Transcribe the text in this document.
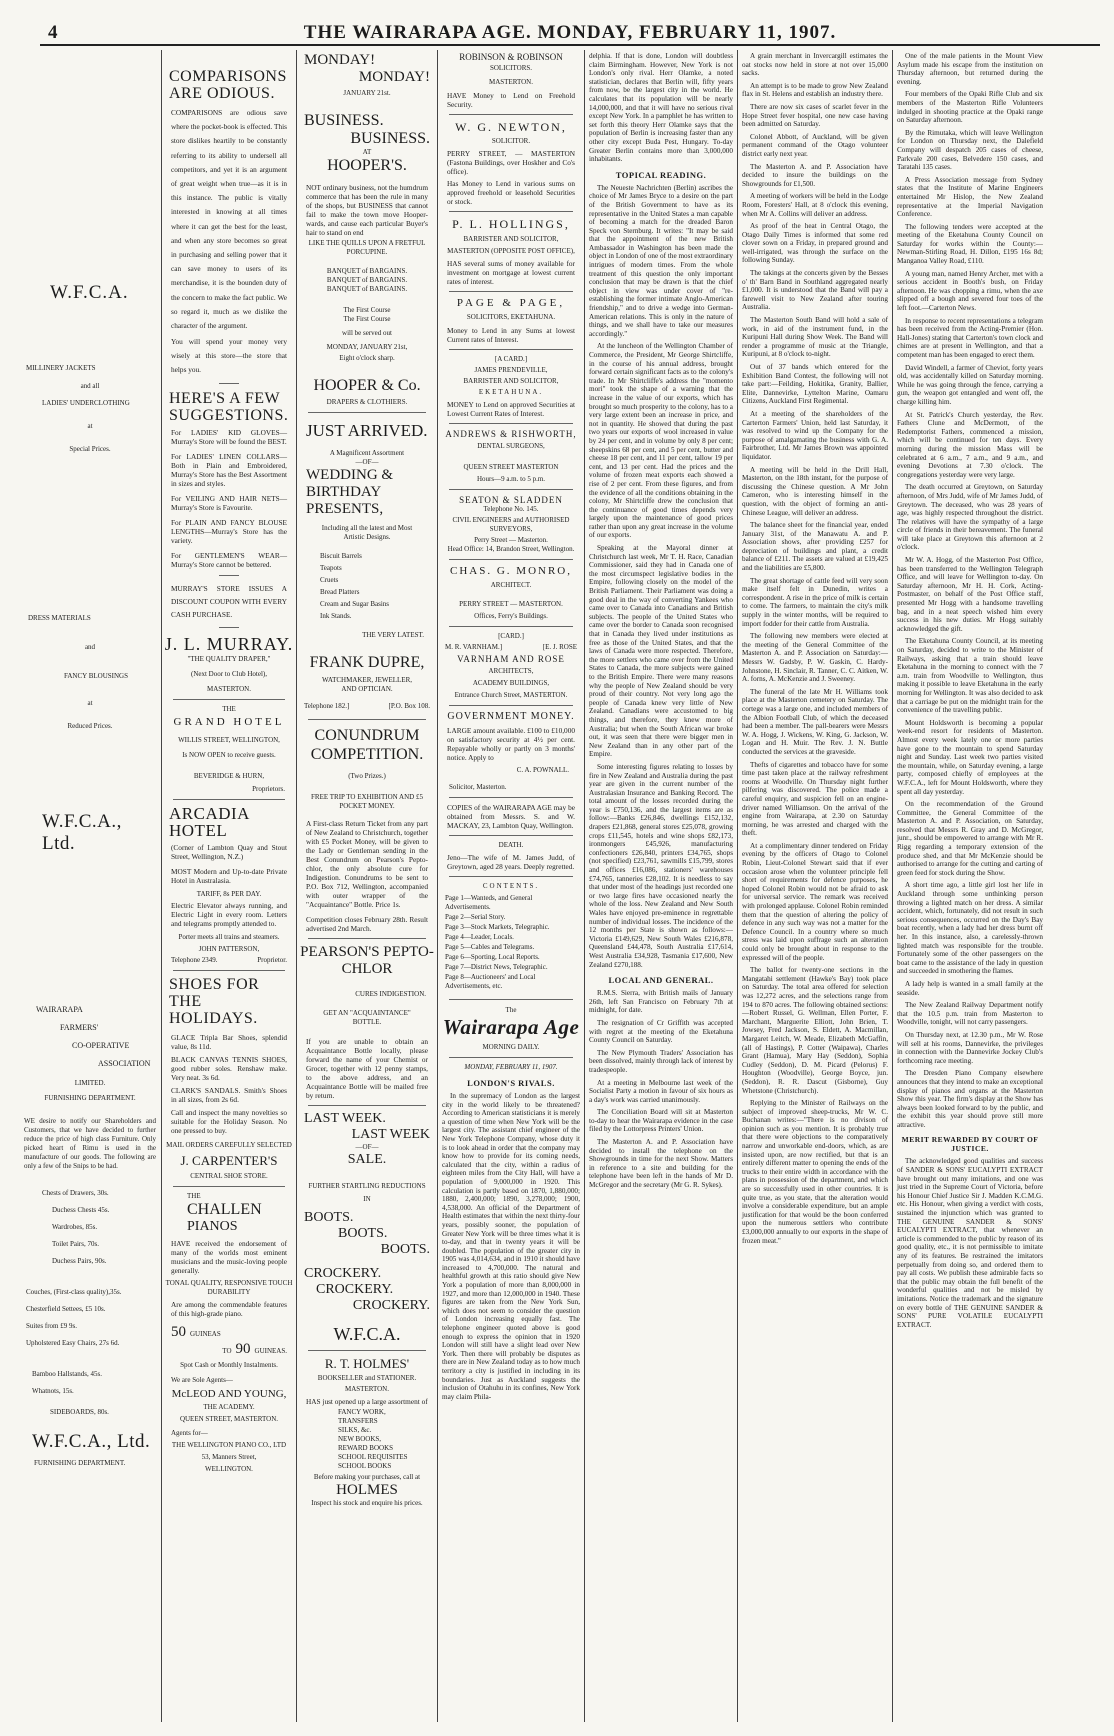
4	THE WAIRARAPA AGE. MONDAY, FEBRUARY 11, 1907.
W.F.C.A.
MILLINERY JACKETS
and all
LADIES' UNDERCLOTHING
at
Special Prices.
DRESS MATERIALS
and
FANCY BLOUSINGS
at
Reduced Prices.
W.F.C.A., Ltd.
WAIRARAPA
FARMERS'
CO-OPERATIVE
ASSOCIATION
LIMITED.
FURNISHING DEPARTMENT.
WE desire to notify our Shareholders and Customers, that we have decided to further reduce the price of high class Furniture. Only picked heart of Rimu is used in the manufacture of our goods. The following are only a few of the Snips to be had.
Chests of Drawers, 30s.
Duchess Chests 45s.
Wardrobes, 85s.
Toilet Pairs, 70s.
Duchess Pairs, 90s.
Couches, (First-class quality),35s.
Chesterfield Settees, £5 10s.
Suites from £9 9s.
Upholstered Easy Chairs, 27s 6d.
Bamboo Hallstands, 45s.
Whatnots, 15s.
SIDEBOARDS, 80s.
W.F.C.A., Ltd.
FURNISHING DEPARTMENT.
COMPARISONS ARE ODIOUS.
COMPARISONS are odious save where the pocket-book is effected. This store dislikes heartily to be constantly referring to its ability to undersell all competitors, and yet it is an argument of great weight when true—as it is in this instance. The public is vitally interested in knowing at all times where it can get the best for the least, and when any store becomes so great in purchasing and selling power that it can save money to users of its merchandise, it is the bounden duty of the concern to make the fact public. We so regard it, much as we dislike the character of the argument.
You will spend your money very wisely at this store—the store that helps you.
HERE'S A FEW SUGGESTIONS.
For LADIES' KID GLOVES—Murray's Store will be found the BEST.
For LADIES' LINEN COLLARS—Both in Plain and Embroidered, Murray's Store has the Best Assortment in sizes and styles.
For VEILING AND HAIR NETS—Murray's Store is Favourite.
For PLAIN AND FANCY BLOUSE LENGTHS—Murray's Store has the variety.
For GENTLEMEN'S WEAR—Murray's Store cannot be bettered.
MURRAY'S STORE ISSUES A DISCOUNT COUPON WITH EVERY CASH PURCHASE.
J. L. MURRAY.
"THE QUALITY DRAPER,"
(Next Door to Club Hotel),
MASTERTON.
THE
GRAND HOTEL
WILLIS STREET, WELLINGTON,
Is NOW OPEN to receive guests.
BEVERIDGE & HURN,
Proprietors.
ARCADIA HOTEL
(Corner of Lambton Quay and Stout Street, Wellington, N.Z.)
MOST Modern and Up-to-date Private Hotel in Australasia.
TARIFF, 8s PER DAY.
Electric Elevator always running, and Electric Light in every room. Letters and telegrams promptly attended to.
Porter meets all trains and steamers.
JOHN PATTERSON,
Telephone 2349.	Proprietor.
SHOES FOR THE HOLIDAYS.
GLACE Tripla Bar Shoes, splendid value, 8s 11d.
BLACK CANVAS TENNIS SHOES, good rubber soles. Renshaw make. Very neat. 3s 6d.
CLARK'S SANDALS. Smith's Shoes in all sizes, from 2s 6d.
Call and inspect the many novelties so suitable for the Holiday Season. No one pressed to buy.
MAIL ORDERS CAREFULLY SELECTED
J. CARPENTER'S
CENTRAL SHOE STORE.
THE
CHALLEN
PIANOS
HAVE received the endorsement of many of the worlds most eminent musicians and the music-loving people generally.
TONAL QUALITY, RESPONSIVE TOUCH DURABILITY
Are among the commendable features of this high-grade piano.
50 GUINEAS
TO 90 GUINEAS.
Spot Cash or Monthly Instalments.
We are Sole Agents—
McLEOD AND YOUNG,
THE ACADEMY.
QUEEN STREET, MASTERTON.
Agents for—
THE WELLINGTON PIANO CO., LTD
53, Manners Street,
WELLINGTON.
MONDAY!
MONDAY!
JANUARY 21st.
BUSINESS.
BUSINESS.
AT
HOOPER'S.
NOT ordinary business, not the humdrum commerce that has been the rule in many of the shops, but BUSINESS that cannot fail to make the town move Hooper-wards, and cause each particular Buyer's hair to stand on end
LIKE THE QUILLS UPON A FRETFUL PORCUPINE.
BANQUET of BARGAINS.
BANQUET of BARGAINS.
BANQUET of BARGAINS.
The First Course
The First Course
will be served out
MONDAY, JANUARY 21st,
Eight o'clock sharp.
HOOPER & Co.
DRAPERS & CLOTHIERS.
JUST ARRIVED.
A Magnificent Assortment
—OF—
WEDDING & BIRTHDAY PRESENTS,
Including all the latest and Most Artistic Designs.
Biscuit Barrels
Teapots
Cruets
Bread Platters
Cream and Sugar Basins
Ink Stands.
THE VERY LATEST.
FRANK DUPRE,
WATCHMAKER, JEWELLER, AND OPTICIAN.
Telephone 182.]	[P.O. Box 108.
CONUNDRUM COMPETITION.
(Two Prizes.)
FREE TRIP TO EXHIBITION AND £5 POCKET MONEY.
A First-class Return Ticket from any part of New Zealand to Christchurch, together with £5 Pocket Money, will be given to the Lady or Gentleman sending in the Best Conundrum on Pearson's Pepto-chlor, the only absolute cure for Indigestion. Conundrums to be sent to P.O. Box 712, Wellington, accompanied with outer wrapper of the "Acquaintance" Bottle. Price 1s.
Competition closes February 28th. Result advertised 2nd March.
PEARSON'S PEPTO-CHLOR
CURES INDIGESTION.
GET AN "ACQUAINTANCE" BOTTLE.
If you are unable to obtain an Acquaintance Bottle locally, please forward the name of your Chemist or Grocer, together with 12 penny stamps, to the above address, and an Acquaintance Bottle will be mailed free by return.
LAST WEEK.
LAST WEEK
—OF—
SALE.
FURTHER STARTLING REDUCTIONS
IN
BOOTS.
BOOTS.
BOOTS.
CROCKERY.
CROCKERY.
CROCKERY.
W.F.C.A.
R. T. HOLMES'
BOOKSELLER and STATIONER.
MASTERTON.
HAS just opened up a large assortment of
FANCY WORK,
TRANSFERS
SILKS, &c.
NEW BOOKS,
REWARD BOOKS
SCHOOL REQUISITES
SCHOOL BOOKS
Before making your purchases, call at
HOLMES
Inspect his stock and enquire his prices.
ROBINSON & ROBINSON
SOLICITORS.
MASTERTON.
HAVE Money to Lend on Freehold Security.
W. G. NEWTON,
SOLICITOR.
PERRY STREET, — MASTERTON (Fastona Buildings, over Hoskher and Co's office).
Has Money to Lend in various sums on approved freehold or leasehold Securities or stock.
P. L. HOLLINGS,
BARRISTER AND SOLICITOR,
MASTERTON (OPPOSITE POST OFFICE),
HAS several sums of money available for investment on mortgage at lowest current rates of interest.
PAGE & PAGE,
SOLICITORS, EKETAHUNA.
Money to Lend in any Sums at lowest Current rates of Interest.
[A CARD.]
JAMES PRENDEVILLE,
BARRISTER AND SOLICITOR,
EKETAHUNA.
MONEY to Lend on approved Securities at Lowest Current Rates of Interest.
ANDREWS & RISHWORTH,
DENTAL SURGEONS,
QUEEN STREET MASTERTON
Hours—9 a.m. to 5 p.m.
SEATON & SLADDEN
Telephone No. 145.
CIVIL ENGINEERS and AUTHORISED SURVEYORS,
Perry Street — Masterton.
Head Office: 14, Brandon Street, Wellington.
CHAS. G. MONRO,
ARCHITECT.
PERRY STREET — MASTERTON.
Offices, Ferry's Buildings.
[CARD.]
M. R. VARNHAM.]	[E. J. ROSE
VARNHAM AND ROSE
ARCHITECTS,
ACADEMY BUILDINGS,
Entrance Church Street, MASTERTON.
GOVERNMENT MONEY.
LARGE amount available. £100 to £10,000 on satisfactory security at 4½ per cent. Repayable wholly or partly on 3 months' notice. Apply to
C. A. POWNALL.
Solicitor, Masterton.
COPIES of the WAIRARAPA AGE may be obtained from Messrs. S. and W. MACKAY, 23, Lambton Quay, Wellington.
DEATH.
Jeno—The wife of M. James Judd, of Greytown, aged 28 years. Deeply regretted.
CONTENTS.
Page 1—Wanteds, and General Advertisements.
Page 2—Serial Story.
Page 3—Stock Markets, Telegraphic.
Page 4—Leader, Locals.
Page 5—Cables and Telegrams.
Page 6—Sporting, Local Reports.
Page 7—District News, Telegraphic.
Page 8—Auctioneers' and Local Advertisements, etc.
The
Wairarapa Age
MORNING DAILY.
MONDAY, FEBRUARY 11, 1907.
LONDON'S RIVALS.
In the supremacy of London as the largest city in the world likely to be threatened? According to American statisticians it is merely a question of time when New York will be the largest city. The assistant chief engineer of the New York Telephone Company, whose duty it is to look ahead in order that the company may know how to provide for its coming needs, calculated that the city, within a radius of eighteen miles from the City Hall, will have a population of 9,000,000 in 1920. This calculation is partly based on 1870, 1,880,000; 1880, 2,400,000; 1890, 3,278,000; 1900, 4,538,000. An official of the Department of Health estimates that within the next thirty-four years, possibly sooner, the population of Greater New York will be three times what it is to-day, and that in twenty years it will be doubled. The population of the greater city in 1905 was 4,014,634, and in 1910 it should have increased to 4,700,000. The natural and healthful growth at this ratio should give New York a population of more than 8,000,000 in 1927, and more than 12,000,000 in 1940. These figures are taken from the New York Sun, which does not seem to consider the question of London increasing equally fast. The telephone engineer quoted above is good enough to express the opinion that in 1920 London will still have a slight lead over New York. Then there will probably be disputes as there are in New Zealand today as to how much territory a city is justified in including in its boundaries. Just as Auckland suggests the inclusion of Otahuhu in its confines, New York may claim Phila-
delphia. If that is done, London will doubtless claim Birmingham. However, New York is not London's only rival. Herr Olamke, a noted statistician, declares that Berlin will, fifty years from now, be the largest city in the world. He calculates that its population will be nearly 14,000,000, and that it will have no serious rival except New York. In a pamphlet he has written to set forth this theory Herr Olamke says that the population of Berlin is increasing faster than any other city except Buda Pest, Hungary. To-day Greater Berlin contains more than 3,000,000 inhabitants.
TOPICAL READING.
The Neueste Nachrichten (Berlin) ascribes the choice of Mr James Bryce to a desire on the part of the British Government to have as its representative in the United States a man capable of becoming a match for the dreaded Baron Speck von Sternburg. It writes: "It may be said that the appointment of the new British Ambassador in Washington has been made the object in London of one of the most extraordinary intrigues of modern times. From the whole treatment of this question the only important conclusion that may be drawn is that the chief object in view was under cover of "re-establishing the former intimate Anglo-American friendship," and to drive a wedge into German-American relations. This is only in the nature of things, and we shall have to take our measures accordingly."
At the luncheon of the Wellington Chamber of Commerce, the President, Mr George Shirtcliffe, in the course of his annual address, brought forward certain significant facts as to the colony's trade. In Mr Shirtcliffe's address the "momento mori" took the shape of a warning that the increase in the value of our exports, which has brought so much prosperity to the colony, has to a very large extent been an increase in price, and not in quantity. He showed that during the past two years our exports of wool increased in value by 24 per cent, and in volume by only 8 per cent; sheepskins 68 per cent, and 5 per cent, butter and cheese 18 per cent, and 11 per cent, tallow 19 per cent, and 13 per cent. Had the prices and the volume of frozen meat exports each showed a rise of 2 per cent. From these figures, and from the evidence of all the conditions obtaining in the colony, Mr Shirtcliffe drew the conclusion that the continuance of good times depends very largely upon the maintenance of good prices rather than upon any great increase in the volume of our exports.
Speaking at the Mayoral dinner at Christchurch last week, Mr T. H. Race, Canadian Commissioner, said they had in Canada one of the most circumspect legislative bodies in the Empire, following closely on the model of the British Parliament. Their Parliament was doing a good deal in the way of converting Yankees who came over to Canada into Canadians and British subjects. The people of the United States who came over the border to Canada soon recognised that in Canada they lived under institutions as free as those of the United States, and that the laws of Canada were more respected. Therefore, the more settlers who came over from the United States to Canada, the more subjects were gained to the British Empire. There were many reasons why the people of New Zealand should be very proud of their country. Not very long ago the people of Canada knew very little of New Zealand. Canadians were accustomed to big things, and therefore, they knew more of Australia; but when the South African war broke out, it was seen that there were bigger men in New Zealand than in any other part of the Empire.
Some interesting figures relating to losses by fire in New Zealand and Australia during the past year are given in the current number of the Australasian Insurance and Banking Record. The total amount of the losses recorded during the year is £750,136, and the largest items are as follow:—Banks £26,846, dwellings £152,132, drapers £21,868, general stores £25,078, growing crops £11,545, hotels and wine shops £82,173, ironmongers £45,926, manufacturing confectioners £26,840, printers £34,765, shops (not specified) £23,761, sawmills £15,799, stores and offices £16,086, stationers' warehouses £74,765, tanneries £28,102. It is needless to say that under most of the headings just recorded one or two large fires have occasioned nearly the whole of the loss. New Zealand and New South Wales have enjoyed pre-eminence in regrettable number of individual losses. The incidence of the 12 months per State is shown as follows:—Victoria £149,629, New South Wales £216,878, Queensland £44,478, South Australia £17,614, West Australia £34,928, Tasmania £17,600, New Zealand £270,188.
LOCAL AND GENERAL.
R.M.S. Sierra, with British mails of January 26th, left San Francisco on February 7th at midnight, for date.
The resignation of Cr Griffith was accepted with regret at the meeting of the Eketahuna County Council on Saturday.
The New Plymouth Traders' Association has been dissolved, mainly through lack of interest by tradespeople.
At a meeting in Melbourne last week of the Socialist Party a motion in favour of six hours as a day's work was carried unanimously.
The Conciliation Board will sit at Masterton to-day to hear the Wairarapa evidence in the case filed by the Lottorpress Printers' Union.
The Masterton A. and P. Association have decided to install the telephone on the Showgrounds in time for the next Show. Matters in reference to a site and building for the telephone have been left in the hands of Mr D. McGregor and the secretary (Mr G. R. Sykes).
A grain merchant in Invercargill estimates the oat stocks now held in store at not over 15,000 sacks.
An attempt is to be made to grow New Zealand flax in St. Helens and establish an industry there.
There are now six cases of scarlet fever in the Hope Street fever hospital, one new case having been admitted on Saturday.
Colonel Abbott, of Auckland, will be given permanent command of the Otago volunteer district early next year.
The Masterton A. and P. Association have decided to insure the buildings on the Showgrounds for £1,500.
A meeting of workers will be held in the Lodge Room, Foresters' Hall, at 8 o'clock this evening, when Mr A. Collins will deliver an address.
As proof of the heat in Central Otago, the Otago Daily Times is informed that some red clover sown on a Friday, in prepared ground and well-irrigated, was through the surface on the following Sunday.
The takings at the concerts given by the Besses o' th' Barn Band in Southland aggregated nearly £1,000. It is understood that the Band will pay a farewell visit to New Zealand after touring Australia.
The Masterton South Band will hold a sale of work, in aid of the instrument fund, in the Kuripuni Hall during Show Week. The Band will render a programme of music at the Triangle, Kuripuni, at 8 o'clock to-night.
Out of 37 bands which entered for the Exhibition Band Contest, the following will not take part:—Feilding, Hokitika, Granity, Ballier, Elite, Dannevirke, Lyttelton Marine, Oamaru Citizens, Auckland First Regimental.
At a meeting of the shareholders of the Carterton Farmers' Union, held last Saturday, it was resolved to wind up the Company for the purpose of amalgamating the business with G. A. Fairbrother, Ltd. Mr James Brown was appointed liquidator.
A meeting will be held in the Drill Hall, Masterton, on the 18th instant, for the purpose of discussing the Chinese question. A Mr John Cameron, who is interesting himself in the question, with the object of forming an anti-Chinese League, will deliver an address.
The balance sheet for the financial year, ended January 31st, of the Manawatu A. and P. Association shows, after providing £257 for depreciation of buildings and plant, a credit balance of £211. The assets are valued at £19,425 and the liabilities are £5,800.
The great shortage of cattle feed will very soon make itself felt in Dunedin, writes a correspondent. A rise in the price of milk is certain to come. The farmers, to maintain the city's milk supply in the winter months, will be required to import fodder for their cattle from Australia.
The following new members were elected at the meeting of the General Committee of the Masterton A. and P. Association on Saturday:—Messrs W. Gadsby, P. W. Gaskin, C. Hardy-Johnstone, H. Sinclair, R. Tanner, C. C. Aitken, W. A. forns, A. McKenzie and J. Sweeney.
The funeral of the late Mr H. Williams took place at the Masterton cemetery on Saturday. The cortege was a large one, and included members of the Albion Football Club, of which the deceased had been a member. The pall-bearers were Messrs W. A. Hogg, J. Wickens, W. King, G. Jackson, W. Logan and H. Muir. The Rev. J. N. Buttle conducted the services at the graveside.
Thefts of cigarettes and tobacco have for some time past taken place at the railway refreshment rooms at Woodville. On Thursday night further pilfering was discovered. The police made a careful enquiry, and suspicion fell on an engine-driver named Williamson. On the arrival of the engine from Wairarapa, at 2.30 on Saturday morning, he was arrested and charged with the theft.
At a complimentary dinner tendered on Friday evening by the officers of Otago to Colonel Robin, Lieut-Colonel Stewart said that if ever occasion arose when the volunteer principle fell short of requirements for defence purposes, he hoped Colonel Robin would not be afraid to ask for universal service. The remark was received with prolonged applause. Colonel Robin reminded them that the question of altering the policy of defence in any such way was not a matter for the Defence Council. In a country where so much stress was laid upon suffrage such an alteration could only be brought about in response to the expressed will of the people.
The ballot for twenty-one sections in the Mangatahi settlement (Hawke's Bay) took place on Saturday. The total area offered for selection was 12,272 acres, and the selections range from 194 to 870 acres. The following obtained sections:—Robert Russel, G. Wellman, Ellen Porter, F. Marchant, Marguerite Elliott, John Brien, T. Jowsey, Fred Jackson, S. Eldett, A. Macmillan, Margaret Leitch, W. Meade, Elizabeth McGaffin, (all of Hastings), P. Cotter (Waipawa), Charles Grant (Hamua), Mary Hay (Seddon), Sophia Cudley (Seddon), D. M. Picard (Pelorus) F. Houghton (Woodville), George Boyce, jun. (Seddon), R. R. Dascut (Gisborne), Guy Whetstone (Christchurch).
Replying to the Minister of Railways on the subject of improved sheep-trucks, Mr W. C. Buchanan writes:—"There is no divison of opinion such as you mention. It is probably true that there were objections to the comparatively narrow and unworkable end-doors, which, as are insisted upon, are now rectified, but that is an entirely different matter to opening the ends of the trucks to their entire width in accordance with the plans in possession of the department, and which are so successfully used in other countries. It is quite true, as you state, that the alteration would involve a considerable expenditure, but an ample justification for that would be the boon conferred upon the numerous settlers who contribute £3,000,000 annually to our exports in the shape of frozen meat."
One of the male patients in the Mount View Asylum made his escape from the institution on Thursday afternoon, but returned during the evening.
Four members of the Opaki Rifle Club and six members of the Masterton Rifle Volunteers indulged in shooting practice at the Opaki range on Saturday afternoon.
By the Rimutaka, which will leave Wellington for London on Thursday next, the Dalefield Company will despatch 205 cases of cheese, Parkvale 200 cases, Belvedere 150 cases, and Taratahi 135 cases.
A Press Association message from Sydney states that the Institute of Marine Engineers entertained Mr Hislop, the New Zealand representative at the Imperial Navigation Conference.
The following tenders were accepted at the meeting of the Eketahuna County Council on Saturday for works within the County:—Newman-Stirling Road, H. Dillon, £195 16s 8d; Manganoa Valley Road, £110.
A young man, named Henry Archer, met with a serious accident in Booth's bush, on Friday afternoon. He was chopping a rimu, when the axe slipped off a bough and severed four toes of the left foot.—Carterton News.
In response to recent representations a telegram has been received from the Acting-Premier (Hon. Hall-Jones) stating that Carterton's town clock and chimes are at present in Wellington, and that a competent man has been engaged to erect them.
David Windell, a farmer of Cheviot, forty years old, was accidentally killed on Saturday morning. While he was going through the fence, carrying a gun, the weapon got entangled and went off, the charge killing him.
At St. Patrick's Church yesterday, the Rev. Fathers Clune and McDermott, of the Redemptorist Fathers, commenced a mission, which will be continued for ten days. Every morning during the mission Mass will be celebrated at 6 a.m., 7 a.m., and 9 a.m., and evening Devotions at 7.30 o'clock. The congregations yesterday were very large.
The death occurred at Greytown, on Saturday afternoon, of Mrs Judd, wife of Mr James Judd, of Greytown. The deceased, who was 28 years of age, was highly respected throughout the district. The relatives will have the sympathy of a large circle of friends in their bereavement. The funeral will take place at Greytown this afternoon at 2 o'clock.
Mr W. A. Hogg, of the Masterton Post Office, has been transferred to the Wellington Telegraph Office, and will leave for Wellington to-day. On Saturday afternoon, Mr H. H. Cork, Acting-Postmaster, on behalf of the Post Office staff, presented Mr Hogg with a handsome travelling bag, and in a neat speech wished him every success in his new duties. Mr Hogg suitably acknowledged the gift.
The Eketahuna County Council, at its meeting on Saturday, decided to write to the Minister of Railways, asking that a train should leave Eketahuna in the morning to connect with the 7 a.m. train from Woodville to Wellington, thus making it possible to leave Eketahuna in the early morning for Wellington. It was also decided to ask that a carriage be put on the midnight train for the convenience of the travelling public.
Mount Holdsworth is becoming a popular week-end resort for residents of Masterton. Almost every week lately one or more parties have gone to the mountain to spend Saturday night and Sunday. Last week two parties visited the mountain, while, on Saturday evening, a large party, composed chiefly of employees at the W.F.C.A., left for Mount Holdsworth, where they spent all day yesterday.
On the recommendation of the Ground Committee, the General Committee of the Masterton A. and P. Association, on Saturday, resolved that Messrs R. Gray and D. McGregor, junr., should be empowered to arrange with Mr R. Rigg regarding a temporary extension of the produce shed, and that Mr McKenzie should be authorised to arrange for the cutting and carting of green feed for stock during the Show.
A short time ago, a little girl lost her life in Auckland through some unthinking person throwing a lighted match on her dress. A similar accident, which, fortunately, did not result in such serious consequences, occurred on the Day's Bay boat recently, when a lady had her dress burnt off her. In this instance, also, a carelessly-thrown lighted match was responsible for the trouble. Fortunately some of the other passengers on the boat came to the assistance of the lady in question and succeeded in smothering the flames.
A lady help is wanted in a small family at the seaside.
The New Zealand Railway Department notify that the 10.5 p.m. train from Masterton to Woodville, tonight, will not carry passengers.
On Thursday next, at 12.30 p.m., Mr W. Rose will sell at his rooms, Dannevirke, the privileges in connection with the Dannevirke Jockey Club's forthcoming race meeting.
The Dresden Piano Company elsewhere announces that they intend to make an exceptional display of pianos and organs at the Masterton Show this year. The firm's display at the Show has always been looked forward to by the public, and the exhibit this year should prove still more attractive.
MERIT REWARDED BY COURT OF JUSTICE.
The acknowledged good qualities and success of SANDER & SONS' EUCALYPTI EXTRACT have brought out many imitations, and one was just tried in the Supreme Court of Victoria, before his Honour Chief Justice Sir J. Madden K.C.M.G. etc. His Honour, when giving a verdict with costs, sustained the injunction which was granted to THE GENUINE SANDER & SONS' EUCALYPTI EXTRACT, that whenever an article is commended to the public by reason of its good quality, etc., it is not permissible to imitate any of its features. Be restrained the imitators perpetually from doing so, and ordered them to pay all costs. We publish these admirable facts so that the public may obtain the full benefit of the wonderful qualities and not be misled by imitations. Notice the trademark and the signature on every bottle of THE GENUINE SANDER & SONS' PURE VOLATILE EUCALYPTI EXTRACT.
